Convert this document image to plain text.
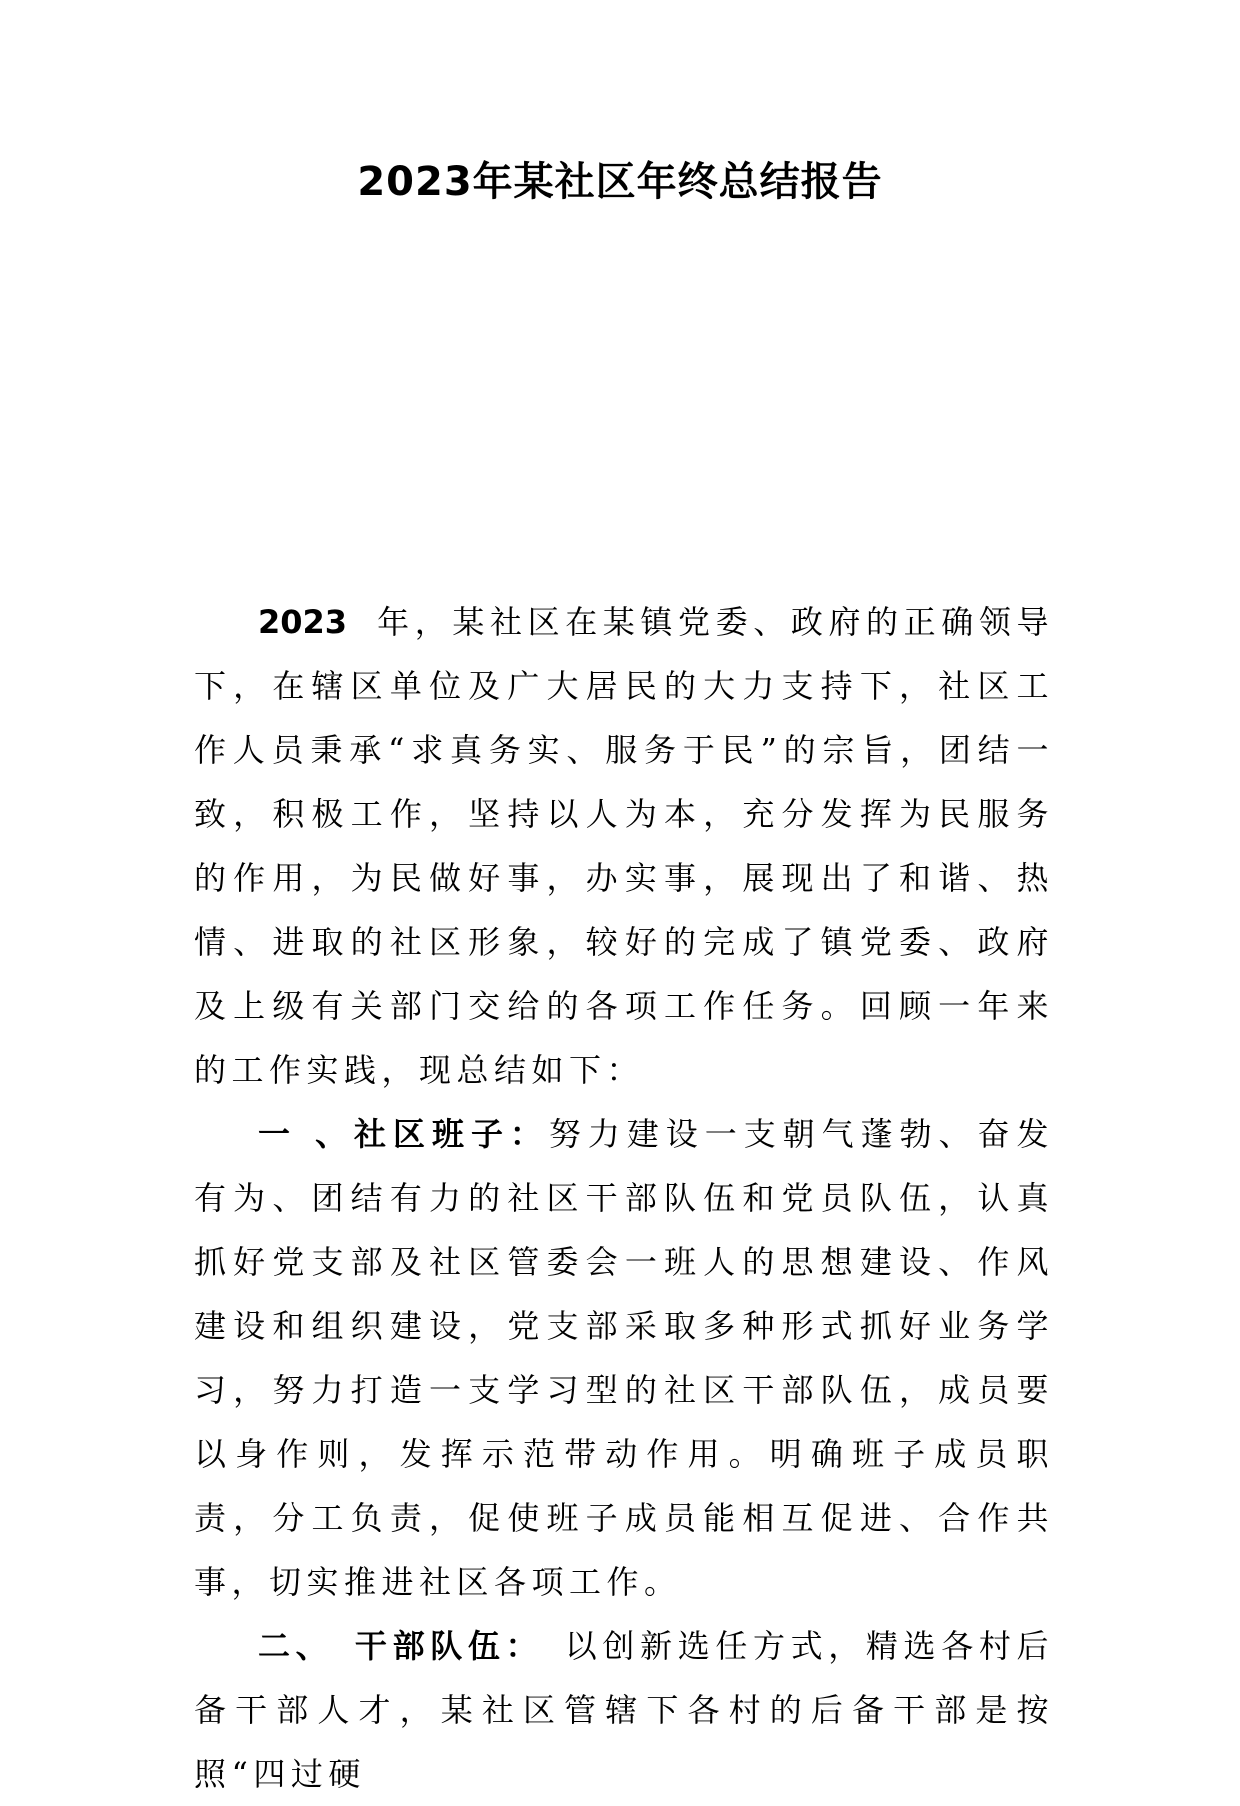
2023年某社区年终总结报告

2023 年，某社区在某镇党委、政府的正确领导下，在辖区单位及广大居民的大力支持下，社区工作人员秉承“求真务实、服务于民”的宗旨，团结一致，积极工作，坚持以人为本，充分发挥为民服务的作用，为民做好事，办实事，展现出了和谐、热情、进取的社区形象，较好的完成了镇党委、政府及上级有关部门交给的各项工作任务。回顾一年来的工作实践，现总结如下：

一 、社区班子：努力建设一支朝气蓬勃、奋发有为、团结有力的社区干部队伍和党员队伍，认真抓好党支部及社区管委会一班人的思想建设、作风建设和组织建设，党支部采取多种形式抓好业务学习，努力打造一支学习型的社区干部队伍，成员要以身作则，发挥示范带动作用。明确班子成员职责，分工负责，促使班子成员能相互促进、合作共事，切实推进社区各项工作。

二、　干部队伍：　以创新选任方式，精选各村后备干部人才，某社区管辖下各村的后备干部是按照“四过硬
